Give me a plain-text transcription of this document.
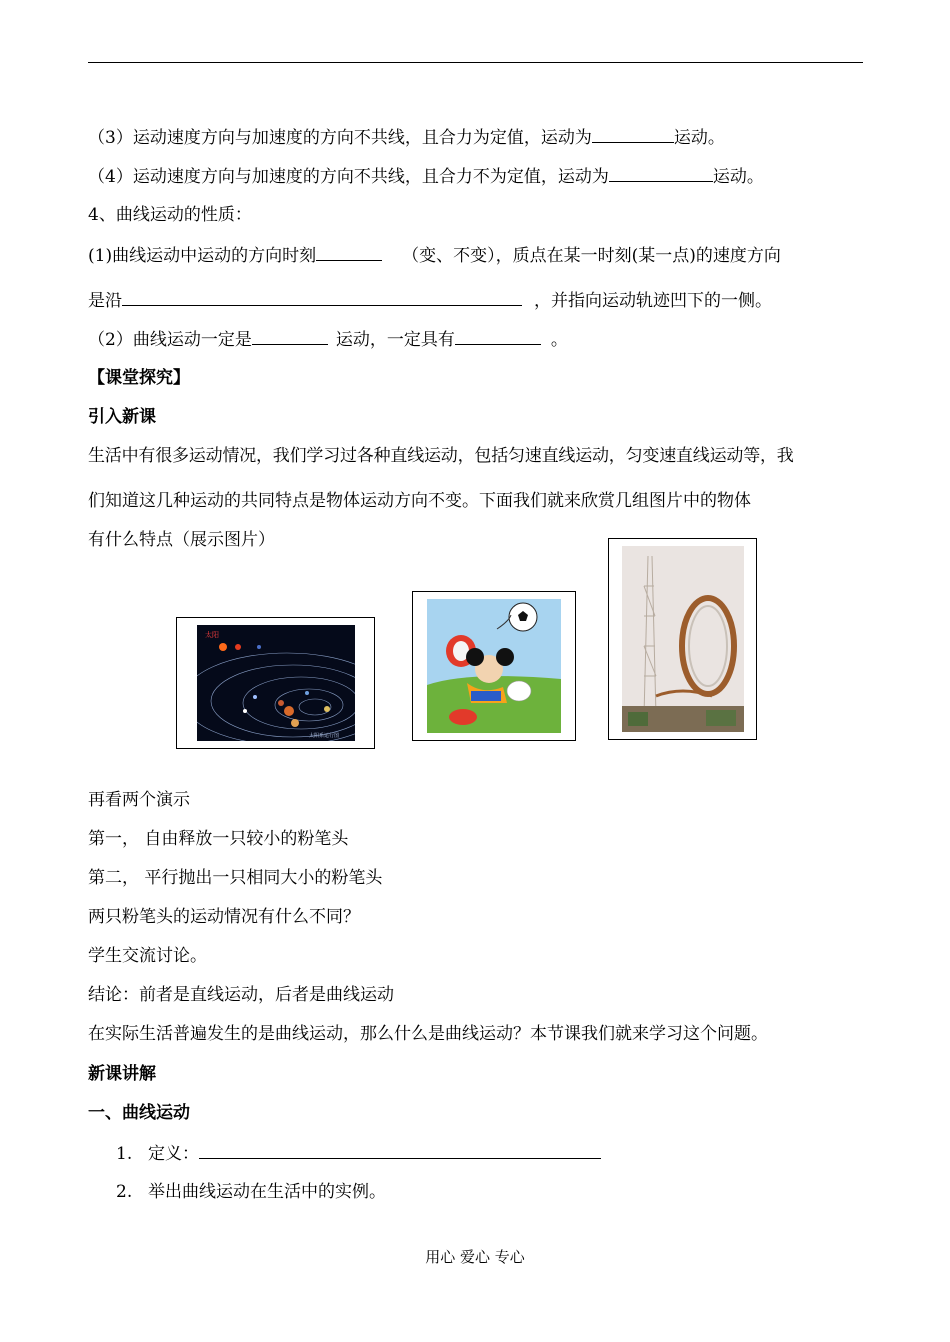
（3）运动速度方向与加速度的方向不共线，且合力为定值，运动为	运动。
（4）运动速度方向与加速度的方向不共线，且合力不为定值，运动为	运动。
4、曲线运动的性质：
(1)曲线运动中运动的方向时刻	（变、不变），质点在某一时刻(某一点)的速度方向
是沿	，并指向运动轨迹凹下的一侧。
（2）曲线运动一定是	运动，一定具有	。
【课堂探究】
引入新课
生活中有很多运动情况，我们学习过各种直线运动，包括匀速直线运动，匀变速直线运动等，我
们知道这几种运动的共同特点是物体运动方向不变。下面我们就来欣赏几组图片中的物体
有什么特点（展示图片）
太阳
太阳系运行图
再看两个演示
第一， 自由释放一只较小的粉笔头
第二， 平行抛出一只相同大小的粉笔头
两只粉笔头的运动情况有什么不同？
学生交流讨论。
结论：前者是直线运动，后者是曲线运动
在实际生活普遍发生的是曲线运动，那么什么是曲线运动？本节课我们就来学习这个问题。
新课讲解
一、曲线运动
1. 定义：
2. 举出曲线运动在生活中的实例。
用心 爱心 专心
